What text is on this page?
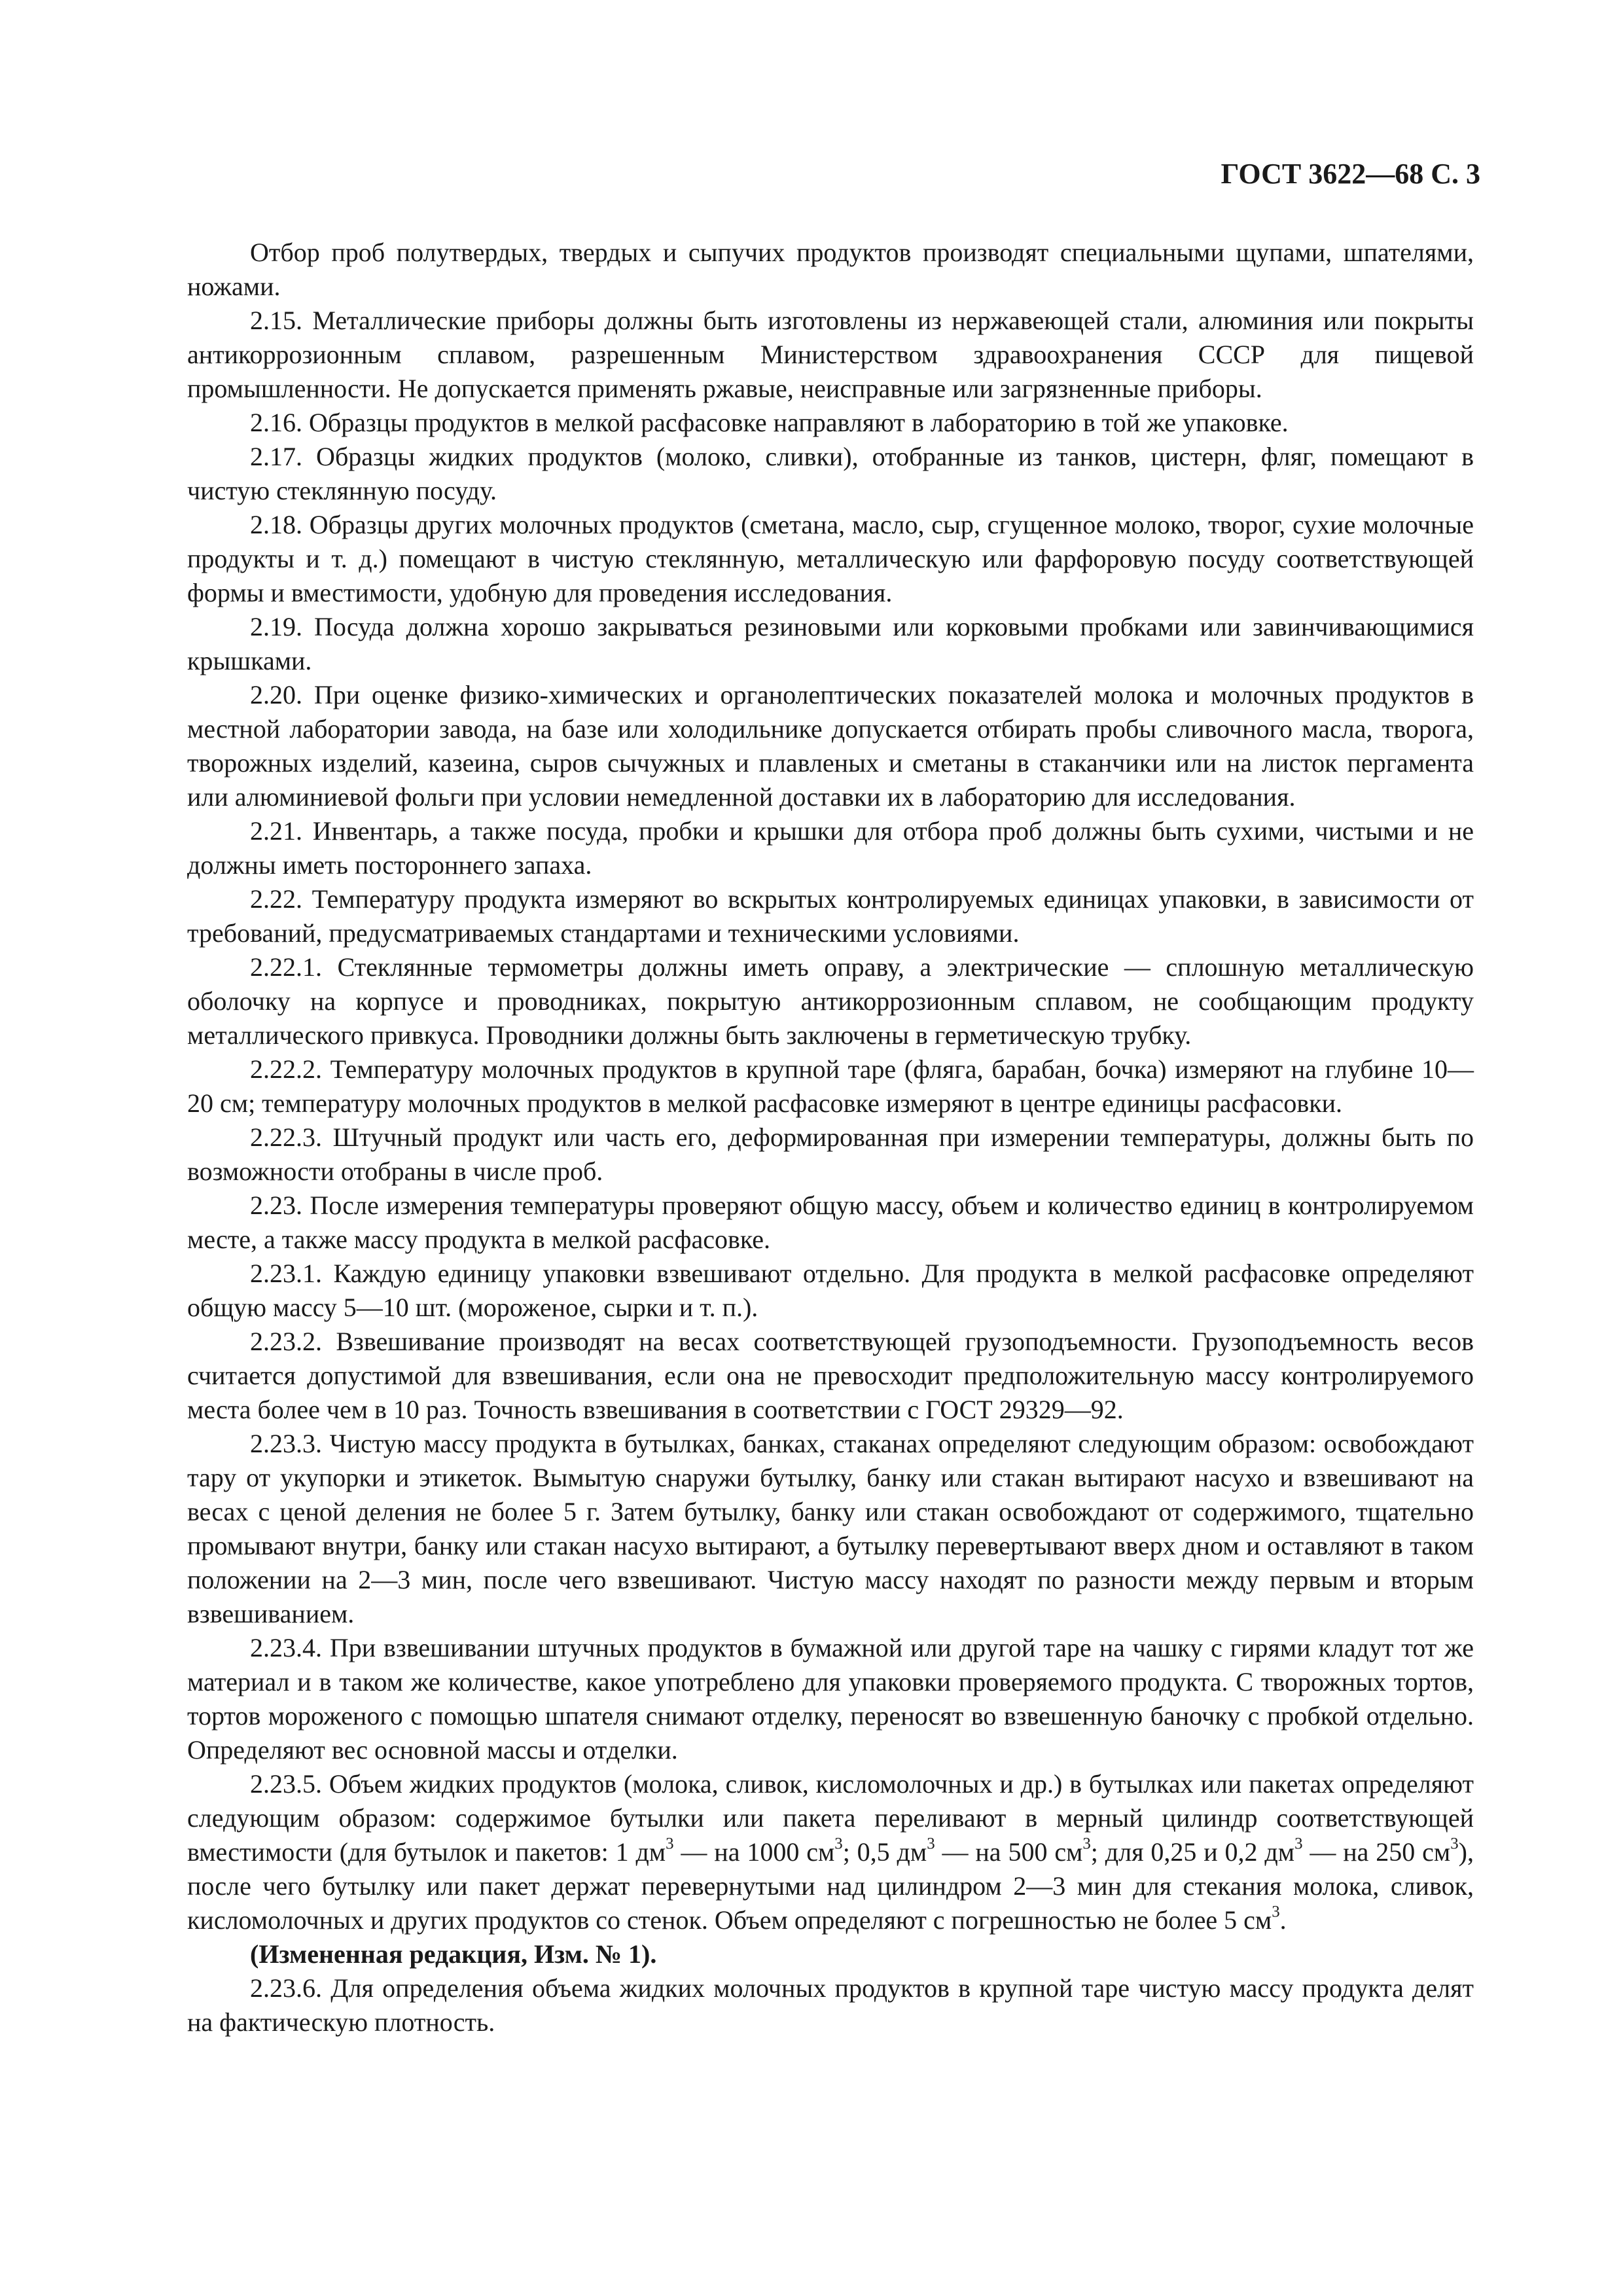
ГОСТ 3622—68 С. 3

Отбор проб полутвердых, твердых и сыпучих продуктов производят специальными щупами, шпателями, ножами.

2.15. Металлические приборы должны быть изготовлены из нержавеющей стали, алюминия или покрыты антикоррозионным сплавом, разрешенным Министерством здравоохранения СССР для пищевой промышленности. Не допускается применять ржавые, неисправные или загрязненные приборы.

2.16. Образцы продуктов в мелкой расфасовке направляют в лабораторию в той же упаковке.

2.17. Образцы жидких продуктов (молоко, сливки), отобранные из танков, цистерн, фляг, помещают в чистую стеклянную посуду.

2.18. Образцы других молочных продуктов (сметана, масло, сыр, сгущенное молоко, творог, сухие молочные продукты и т. д.) помещают в чистую стеклянную, металлическую или фарфоровую посуду соответствующей формы и вместимости, удобную для проведения исследования.

2.19. Посуда должна хорошо закрываться резиновыми или корковыми пробками или завинчивающимися крышками.

2.20. При оценке физико-химических и органолептических показателей молока и молочных продуктов в местной лаборатории завода, на базе или холодильнике допускается отбирать пробы сливочного масла, творога, творожных изделий, казеина, сыров сычужных и плавленых и сметаны в стаканчики или на листок пергамента или алюминиевой фольги при условии немедленной доставки их в лабораторию для исследования.

2.21. Инвентарь, а также посуда, пробки и крышки для отбора проб должны быть сухими, чистыми и не должны иметь постороннего запаха.

2.22. Температуру продукта измеряют во вскрытых контролируемых единицах упаковки, в зависимости от требований, предусматриваемых стандартами и техническими условиями.

2.22.1. Стеклянные термометры должны иметь оправу, а электрические — сплошную металлическую оболочку на корпусе и проводниках, покрытую антикоррозионным сплавом, не сообщающим продукту металлического привкуса. Проводники должны быть заключены в герметическую трубку.

2.22.2. Температуру молочных продуктов в крупной таре (фляга, барабан, бочка) измеряют на глубине 10—20 см; температуру молочных продуктов в мелкой расфасовке измеряют в центре единицы расфасовки.

2.22.3. Штучный продукт или часть его, деформированная при измерении температуры, должны быть по возможности отобраны в числе проб.

2.23. После измерения температуры проверяют общую массу, объем и количество единиц в контролируемом месте, а также массу продукта в мелкой расфасовке.

2.23.1. Каждую единицу упаковки взвешивают отдельно. Для продукта в мелкой расфасовке определяют общую массу 5—10 шт. (мороженое, сырки и т. п.).

2.23.2. Взвешивание производят на весах соответствующей грузоподъемности. Грузоподъемность весов считается допустимой для взвешивания, если она не превосходит предположительную массу контролируемого места более чем в 10 раз. Точность взвешивания в соответствии с ГОСТ 29329—92.

2.23.3. Чистую массу продукта в бутылках, банках, стаканах определяют следующим образом: освобождают тару от укупорки и этикеток. Вымытую снаружи бутылку, банку или стакан вытирают насухо и взвешивают на весах с ценой деления не более 5 г. Затем бутылку, банку или стакан освобождают от содержимого, тщательно промывают внутри, банку или стакан насухо вытирают, а бутылку перевертывают вверх дном и оставляют в таком положении на 2—3 мин, после чего взвешивают. Чистую массу находят по разности между первым и вторым взвешиванием.

2.23.4. При взвешивании штучных продуктов в бумажной или другой таре на чашку с гирями кладут тот же материал и в таком же количестве, какое употреблено для упаковки проверяемого продукта. С творожных тортов, тортов мороженого с помощью шпателя снимают отделку, переносят во взвешенную баночку с пробкой отдельно. Определяют вес основной массы и отделки.

2.23.5. Объем жидких продуктов (молока, сливок, кисломолочных и др.) в бутылках или пакетах определяют следующим образом: содержимое бутылки или пакета переливают в мерный цилиндр соответствующей вместимости (для бутылок и пакетов: 1 $дм^3$ — на 1000 $см^3$; 0,5 $дм^3$ — на 500 $см^3$; для 0,25 и 0,2 $дм^3$ — на 250 $см^3$), после чего бутылку или пакет держат перевернутыми над цилиндром 2—3 мин для стекания молока, сливок, кисломолочных и других продуктов со стенок. Объем определяют с погрешностью не более 5 $см^3$.

(Измененная редакция, Изм. № 1).

2.23.6. Для определения объема жидких молочных продуктов в крупной таре чистую массу продукта делят на фактическую плотность.
